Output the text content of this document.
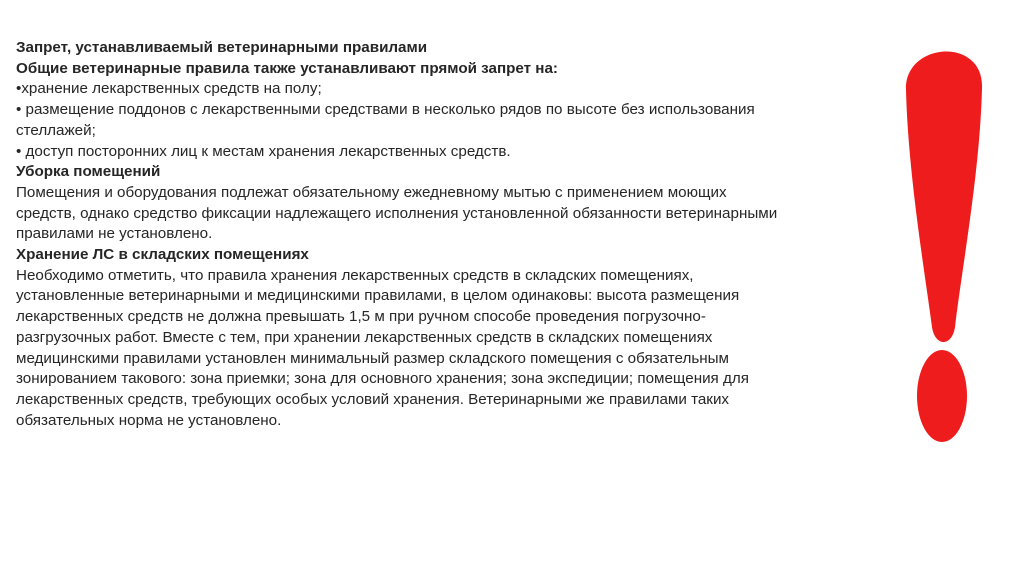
Запрет, устанавливаемый ветеринарными правилами

Общие ветеринарные правила также устанавливают прямой запрет на:

•хранение лекарственных средств на полу;

• размещение поддонов с лекарственными средствами в несколько рядов по высоте без использования

стеллажей;

• доступ посторонних лиц к местам хранения лекарственных средств.

Уборка помещений

Помещения и оборудования подлежат обязательному ежедневному мытью с применением моющих

средств, однако средство фиксации надлежащего исполнения установленной обязанности ветеринарными

правилами не установлено.

Хранение ЛС в складских помещениях

Необходимо отметить, что правила хранения лекарственных средств в складских помещениях,

установленные ветеринарными и медицинскими правилами, в целом одинаковы: высота размещения

лекарственных средств не должна превышать 1,5 м при ручном способе проведения погрузочно-

разгрузочных работ. Вместе с тем, при хранении лекарственных средств в складских помещениях

медицинскими правилами установлен минимальный размер складского помещения с обязательным

зонированием такового: зона приемки; зона для основного хранения; зона экспедиции; помещения для

лекарственных средств, требующих особых условий хранения. Ветеринарными же правилами таких

обязательных норма не установлено.
